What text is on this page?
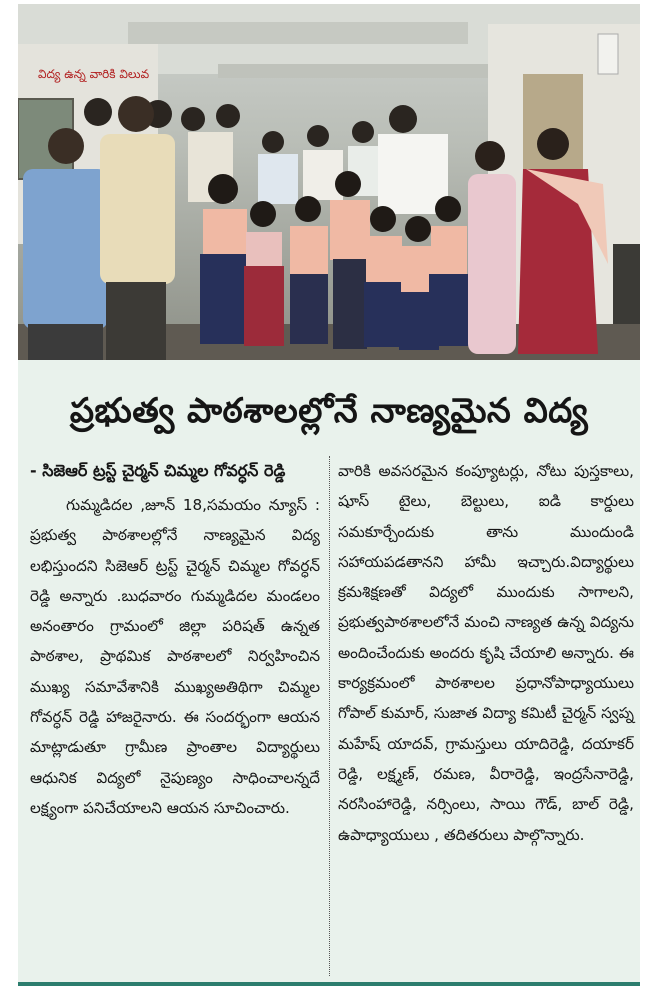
విద్య ఉన్న వారికి విలువ
ప్రభుత్వ పాఠశాలల్లోనే నాణ్యమైన విద్య
- సిజెఆర్ ట్రస్ట్ చైర్మన్ చిమ్మల గోవర్ధన్ రెడ్డి
గుమ్మడిదల ,జూన్ 18,సమయం న్యూస్ : ప్రభుత్వ పాఠశాలల్లోనే నాణ్యమైన విద్య లభిస్తుందని సిజెఆర్ ట్రస్ట్ చైర్మన్ చిమ్మల గోవర్ధన్ రెడ్డి అన్నారు .బుధవారం గుమ్మడిదల మండలం అనంతారం గ్రామంలో జిల్లా పరిషత్ ఉన్నత పాఠశాల, ప్రాథమిక పాఠశాలలో నిర్వహించిన ముఖ్య సమావేశానికి ముఖ్యఅతిథిగా చిమ్మల గోవర్ధన్ రెడ్డి హాజరైనారు. ఈ సందర్భంగా ఆయన మాట్లాడుతూ గ్రామీణ ప్రాంతాల విద్యార్థులు ఆధునిక విద్యలో నైపుణ్యం సాధించాలన్నదే లక్ష్యంగా పనిచేయాలని ఆయన సూచించారు.
వారికి అవసరమైన కంప్యూటర్లు, నోటు పుస్తకాలు, షూస్ టైలు, బెల్టులు, ఐడి కార్డులు సమకూర్చేందుకు తాను ముందుండి సహాయపడతానని హామీ ఇచ్చారు.విద్యార్థులు క్రమశిక్షణతో విద్యలో ముందుకు సాగాలని, ప్రభుత్వపాఠశాలలోనే మంచి నాణ్యత ఉన్న విద్యను అందించేందుకు అందరు కృషి చేయాలి అన్నారు. ఈ కార్యక్రమంలో పాఠశాలల ప్రధానోపాధ్యాయులు గోపాల్ కుమార్, సుజాత విద్యా కమిటీ చైర్మన్ స్వప్న మహేష్ యాదవ్, గ్రామస్తులు యాదిరెడ్డి, దయాకర్ రెడ్డి, లక్ష్మణ్, రమణ, వీరారెడ్డి, ఇంద్రసేనారెడ్డి, నరసింహారెడ్డి, నర్సింలు, సాయి గౌడ్, బాల్ రెడ్డి, ఉపాధ్యాయులు , తదితరులు పాల్గొన్నారు.
